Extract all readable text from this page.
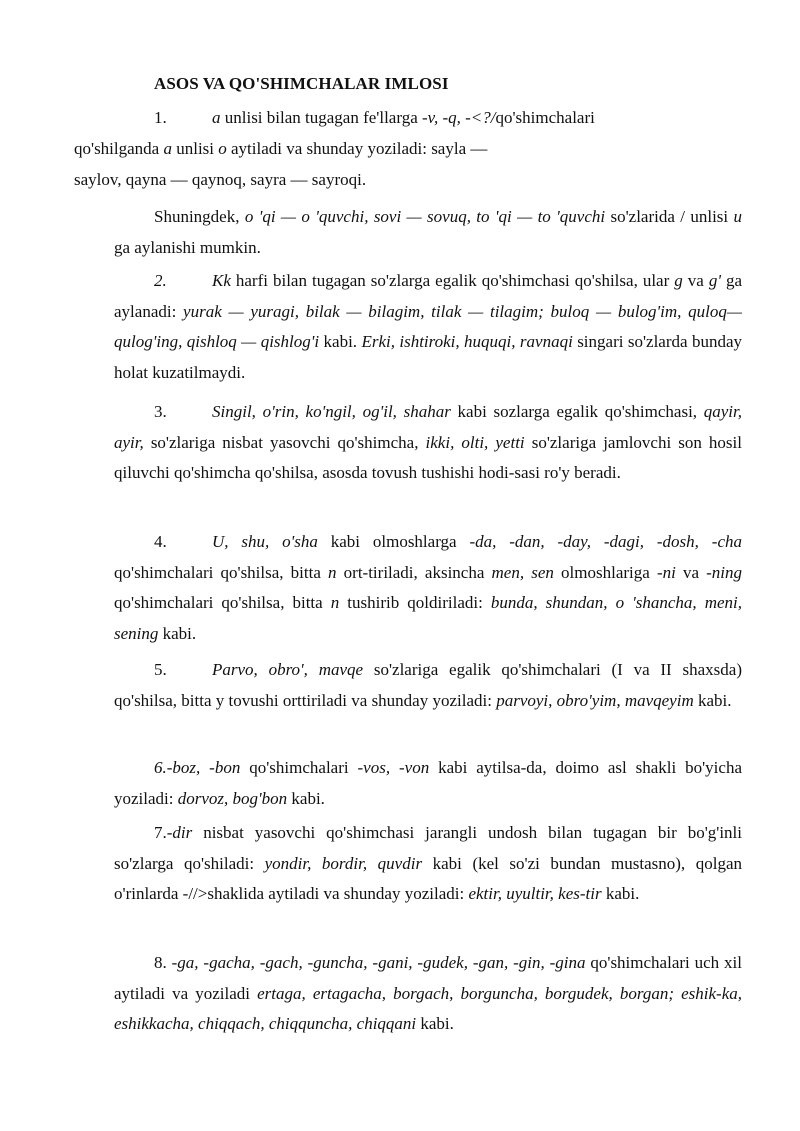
ASOS VA QO'SHIMCHALAR IMLOSI

1.	a unlisi bilan tugagan fe'llarga -v, -q, -<?/qo'shimchalari
qo'shilganda a unlisi o aytiladi va shunday yoziladi: sayla —
saylov, qayna — qaynoq, sayra — sayroqi.

Shuningdek, o 'qi — o 'quvchi, sovi — sovuq, to 'qi — to 'quvchi so'zlarida / unlisi u ga aylanishi mumkin.

2.	Kk harfi bilan tugagan so'zlarga egalik qo'shimchasi qo'shilsa, ular g va g' ga aylanadi: yurak — yuragi, bilak — bilagim, tilak — tilagim; buloq — bulog'im, quloq— qulog'ing, qishloq — qishlog'i kabi. Erki, ishtiroki, huquqi, ravnaqi singari so'zlarda bunday holat kuzatilmaydi.

3.	Singil, o'rin, ko'ngil, og'il, shahar kabi sozlarga egalik qo'shimchasi, qayir, ayir, so'zlariga nisbat yasovchi qo'shimcha, ikki, olti, yetti so'zlariga jamlovchi son hosil qiluvchi qo'shimcha qo'shilsa, asosda tovush tushishi hodi-sasi ro'y beradi.

4.	U, shu, o'sha kabi olmoshlarga -da, -dan, -day, -dagi, -dosh, -cha qo'shimchalari qo'shilsa, bitta n ort-tiriladi, aksincha men, sen olmoshlariga -ni va -ning qo'shimchalari qo'shilsa, bitta n tushirib qoldiriladi: bunda, shundan, o 'shancha, meni, sening kabi.

5.	Parvo, obro', mavqe so'zlariga egalik qo'shimchalari (I va II shaxsda) qo'shilsa, bitta y tovushi orttiriladi va shunday yoziladi: parvoyi, obro'yim, mavqeyim kabi.

6.-boz, -bon qo'shimchalari -vos, -von kabi aytilsa-da, doimo asl shakli bo'yicha yoziladi: dorvoz, bog'bon kabi.

7.-dir nisbat yasovchi qo'shimchasi jarangli undosh bilan tugagan bir bo'g'inli so'zlarga qo'shiladi: yondir, bordir, quvdir kabi (kel so'zi bundan mustasno), qolgan o'rinlarda -//>shaklida aytiladi va shunday yoziladi: ektir, uyultir, kes-tir kabi.

8. -ga, -gacha, -gach, -guncha, -gani, -gudek, -gan, -gin, -gina qo'shimchalari uch xil aytiladi va yoziladi ertaga, ertagacha, borgach, borguncha, borgudek, borgan; eshik-ka, eshikkacha, chiqqach, chiqquncha, chiqqani kabi.
